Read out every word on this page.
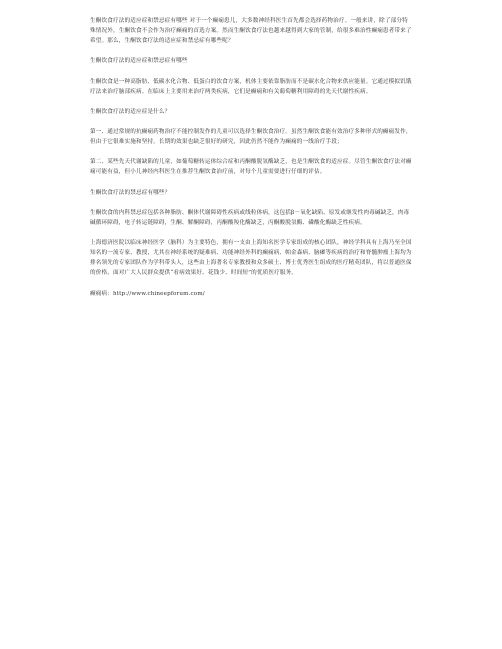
生酮饮食疗法的适应症和禁忌症有哪些 对于一个癫痫患儿，大多数神经科医生首先都会选择药物治疗。一般来讲，除了部分特殊情况外，生酮饮食不会作为治疗癫痫的首选方案。然而生酮饮食疗法也越来越得到大家的管制，给很多难治性癫痫患者带来了希望。那么，生酮饮食疗法的适应症和禁忌症有哪些呢？

生酮饮食疗法的适应症和禁忌症有哪些

生酮饮食是一种高脂肪、低碳水化合物、低蛋白的饮食方案，机体主要依靠脂肪而不是碳水化合物来供应能量。它通过模拟饥饿疗法来治疗脑部疾病。在临床上主要用来治疗两类疾病，它们是癫痫和有关葡萄糖利用障碍的先天代谢性疾病。

生酮饮食疗法的适应症是什么？

第一、通过常规的抗癫痫药物治疗不能控制发作的儿童可以选择生酮饮食治疗。虽然生酮饮食能有效治疗多种形式的癫痫发作，但由于它很难实施和坚持，长期的效果也缺乏很好的研究，因此仍然不能作为癫痫的一线治疗手段；

第二、某些先天代谢缺陷的儿童，如葡萄糖转运体综合症和丙酮酸脱氢酶缺乏，也是生酮饮食的适应症。尽管生酮饮食疗法对癫痫可能有益，但小儿神经内科医生在推荐生酮饮食治疗前，对每个儿童需要进行仔细的评估。

生酮饮食疗法的禁忌症有哪些？

生酮饮食的内科禁忌症包括各种脂肪、酮体代谢障碍性疾病或线粒体病，这包括β－氧化缺陷、原发或继发性肉毒碱缺乏，肉毒碱循环障碍，电子转运链障碍，生酮、解酮障碍，丙酮酸羧化酶缺乏，丙酮酸脱氢酶、磷酸化酶缺乏性疾病。

上海德济医院以临床神经医学（脑科）为主要特色，拥有一支由上海知名医学专家组成的核心团队，神经学科具有上海乃至全国知名的一流专家、教授，尤其在神经系统的疑难病、功能神经外科的癫痫病、帕金森病、脑瘫等疾病的治疗和脊髓肿瘤上海均为排名领先的专家团队作为学科带头人，这些由上海著名专家教授和众多硕士、博士优秀医生组成的医疗精英团队，将以普通医保的价格，面对广大人民群众提供“看病效果好、花钱少、时间短”的优质医疗服务。

癫痫病：http://www.chineepforum.com/
